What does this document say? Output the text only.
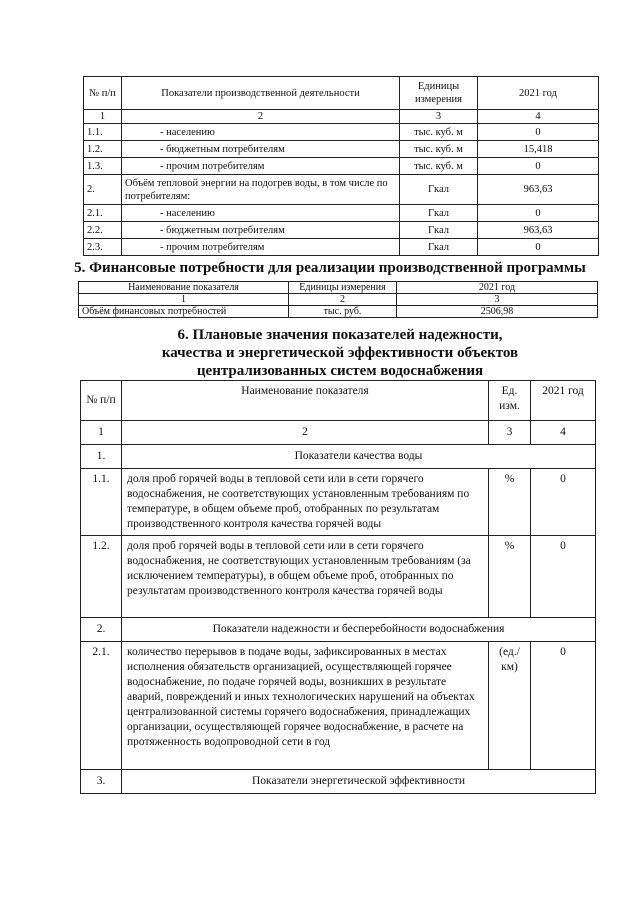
№ п/п	Показатели производственной деятельности	Единицы измерения	2021 год
1	2	3	4
1.1.	- населению	тыс. куб. м	0
1.2.	- бюджетным потребителям	тыс. куб. м	15,418
1.3.	- прочим потребителям	тыс. куб. м	0
2.	Объём тепловой энергии на подогрев воды, в том числе по потребителям:	Гкал	963,63
2.1.	- населению	Гкал	0
2.2.	- бюджетным потребителям	Гкал	963,63
2.3.	- прочим потребителям	Гкал	0
5. Финансовые потребности для реализации производственной программы
Наименование показателя	Единицы измерения	2021 год
1	2	3
Объём финансовых потребностей	тыс. руб.	2506,98
6. Плановые значения показателей надежности,
качества и энергетической эффективности объектов
централизованных систем водоснабжения
№ п/п	Наименование показателя	Ед. изм.	2021 год
1	2	3	4
1.	Показатели качества воды		
1.1.	доля проб горячей воды в тепловой сети или в сети горячего водоснабжения, не соответствующих установленным требованиям по температуре, в общем объеме проб, отобранных по результатам производственного контроля качества горячей воды	%	0
1.2.	доля проб горячей воды в тепловой сети или в сети горячего водоснабжения, не соответствующих установленным требованиям (за исключением температуры), в общем объеме проб, отобранных по результатам производственного контроля качества горячей воды	%	0
2.	Показатели надежности и бесперебойности водоснабжения		
2.1.	количество перерывов в подаче воды, зафиксированных в местах исполнения обязательств организацией, осуществляющей горячее водоснабжение, по подаче горячей воды, возникших в результате аварий, повреждений и иных технологических нарушений на объектах централизованной системы горячего водоснабжения, принадлежащих организации, осуществляющей горячее водоснабжение, в расчете на протяженность водопроводной сети в год	(ед./ км)	0
3.	Показатели энергетической эффективности		
